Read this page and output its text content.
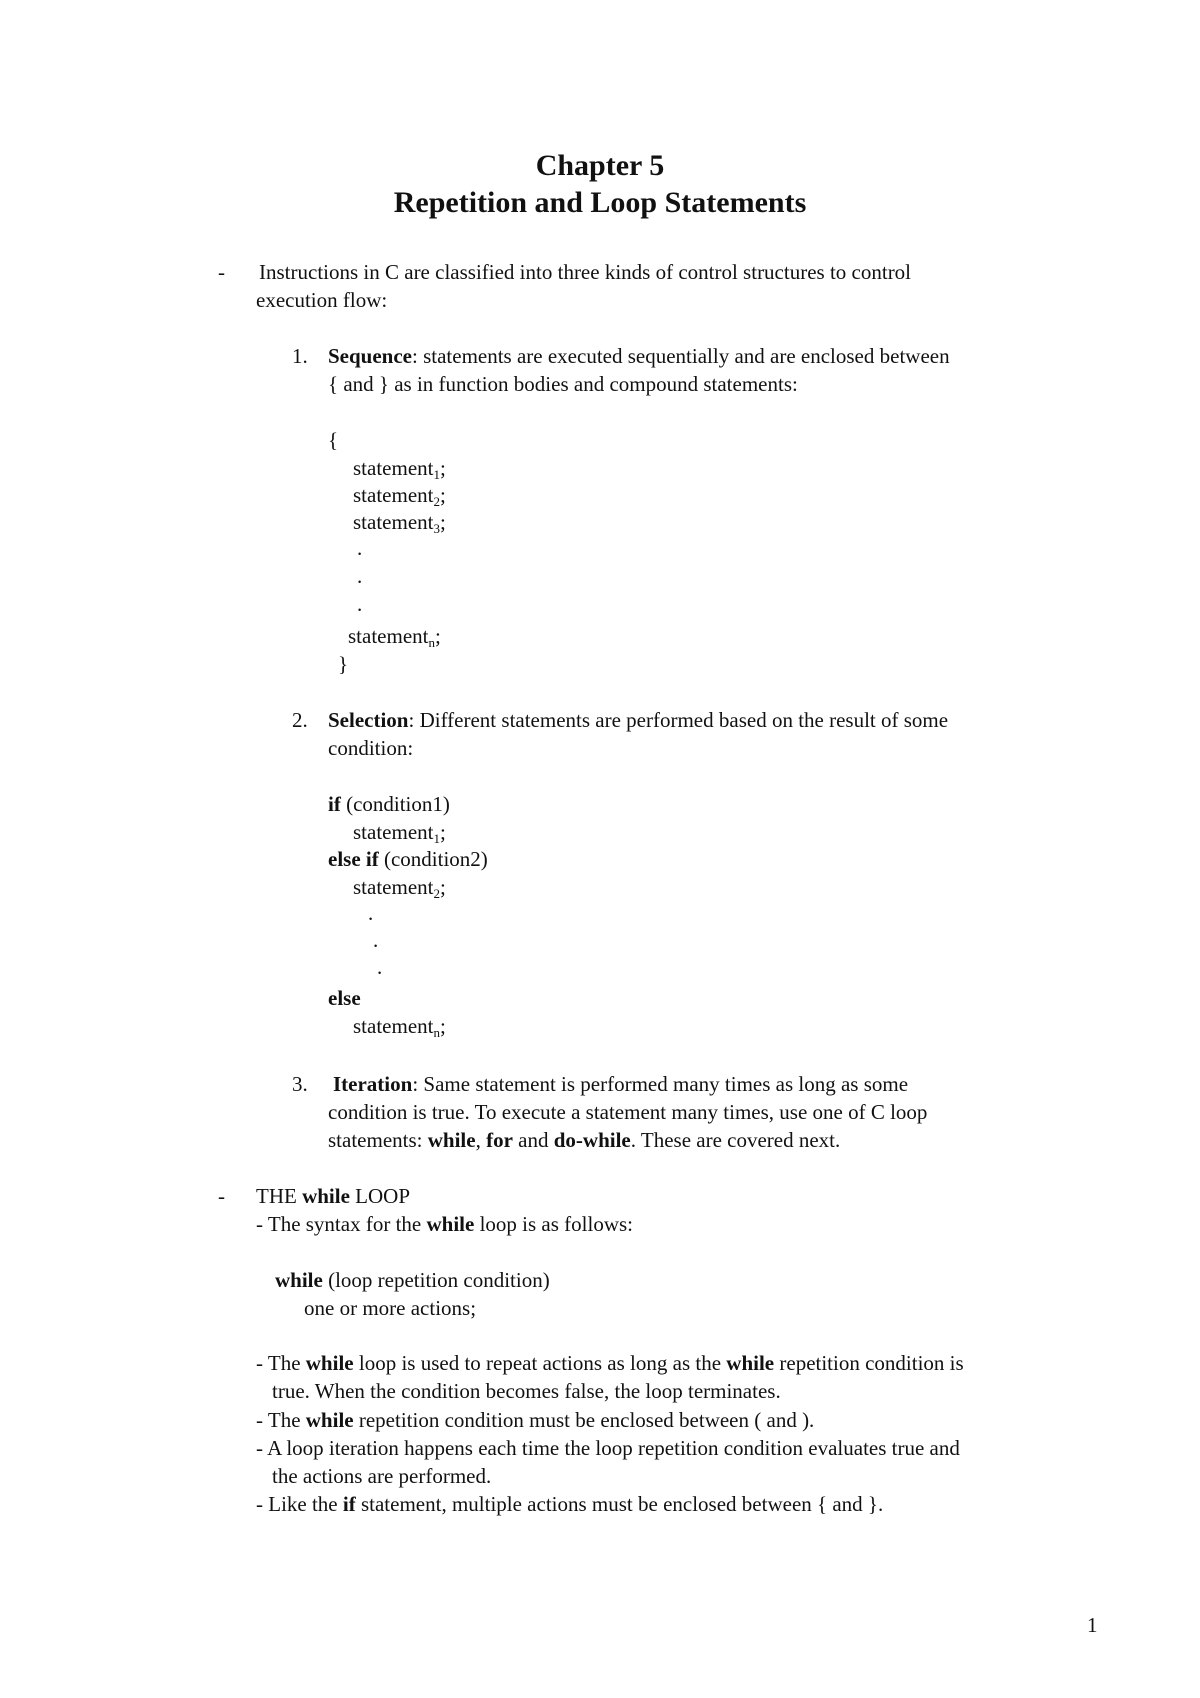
Chapter 5
Repetition and Loop Statements
- Instructions in C are classified into three kinds of control structures to control
execution flow:
1. Sequence: statements are executed sequentially and are enclosed between
{ and } as in function bodies and compound statements:
{
statement$_1$;
statement$_2$;
statement$_3$;
.
.
.
statement$_n$;
}
2. Selection: Different statements are performed based on the result of some
condition:
if (condition1)
statement$_1$;
else if (condition2)
statement$_2$;
.
.
.
else
statement$_n$;
3. Iteration: Same statement is performed many times as long as some
condition is true. To execute a statement many times, use one of C loop
statements: while, for and do-while. These are covered next.
- THE while LOOP
- The syntax for the while loop is as follows:
while (loop repetition condition)
one or more actions;
- The while loop is used to repeat actions as long as the while repetition condition is
true. When the condition becomes false, the loop terminates.
- The while repetition condition must be enclosed between ( and ).
- A loop iteration happens each time the loop repetition condition evaluates true and
the actions are performed.
- Like the if statement, multiple actions must be enclosed between { and }.
1
